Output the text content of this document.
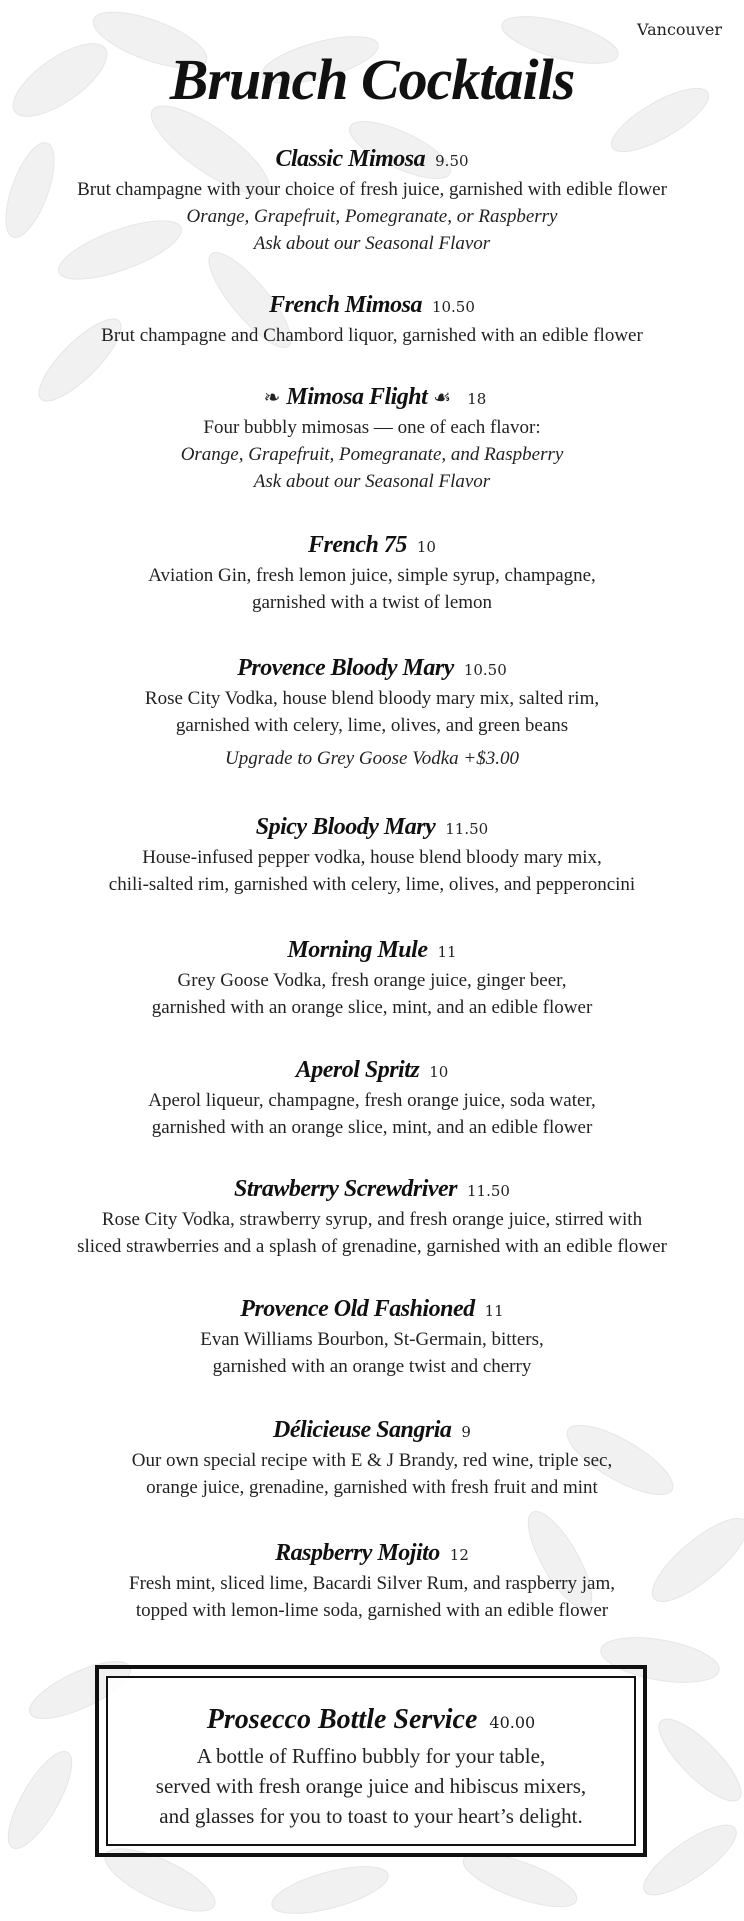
Vancouver
Brunch Cocktails
Classic Mimosa 9.50
Brut champagne with your choice of fresh juice, garnished with edible flower
Orange, Grapefruit, Pomegranate, or Raspberry
Ask about our Seasonal Flavor
French Mimosa 10.50
Brut champagne and Chambord liquor, garnished with an edible flower
❧ Mimosa Flight ☙ 18
Four bubbly mimosas — one of each flavor:
Orange, Grapefruit, Pomegranate, and Raspberry
Ask about our Seasonal Flavor
French 75 10
Aviation Gin, fresh lemon juice, simple syrup, champagne,
garnished with a twist of lemon
Provence Bloody Mary 10.50
Rose City Vodka, house blend bloody mary mix, salted rim,
garnished with celery, lime, olives, and green beans
Upgrade to Grey Goose Vodka +$3.00
Spicy Bloody Mary 11.50
House-infused pepper vodka, house blend bloody mary mix,
chili-salted rim, garnished with celery, lime, olives, and pepperoncini
Morning Mule 11
Grey Goose Vodka, fresh orange juice, ginger beer,
garnished with an orange slice, mint, and an edible flower
Aperol Spritz 10
Aperol liqueur, champagne, fresh orange juice, soda water,
garnished with an orange slice, mint, and an edible flower
Strawberry Screwdriver 11.50
Rose City Vodka, strawberry syrup, and fresh orange juice, stirred with
sliced strawberries and a splash of grenadine, garnished with an edible flower
Provence Old Fashioned 11
Evan Williams Bourbon, St-Germain, bitters,
garnished with an orange twist and cherry
Délicieuse Sangria 9
Our own special recipe with E & J Brandy, red wine, triple sec,
orange juice, grenadine, garnished with fresh fruit and mint
Raspberry Mojito 12
Fresh mint, sliced lime, Bacardi Silver Rum, and raspberry jam,
topped with lemon-lime soda, garnished with an edible flower
Prosecco Bottle Service 40.00
A bottle of Ruffino bubbly for your table,
served with fresh orange juice and hibiscus mixers,
and glasses for you to toast to your heart’s delight.
